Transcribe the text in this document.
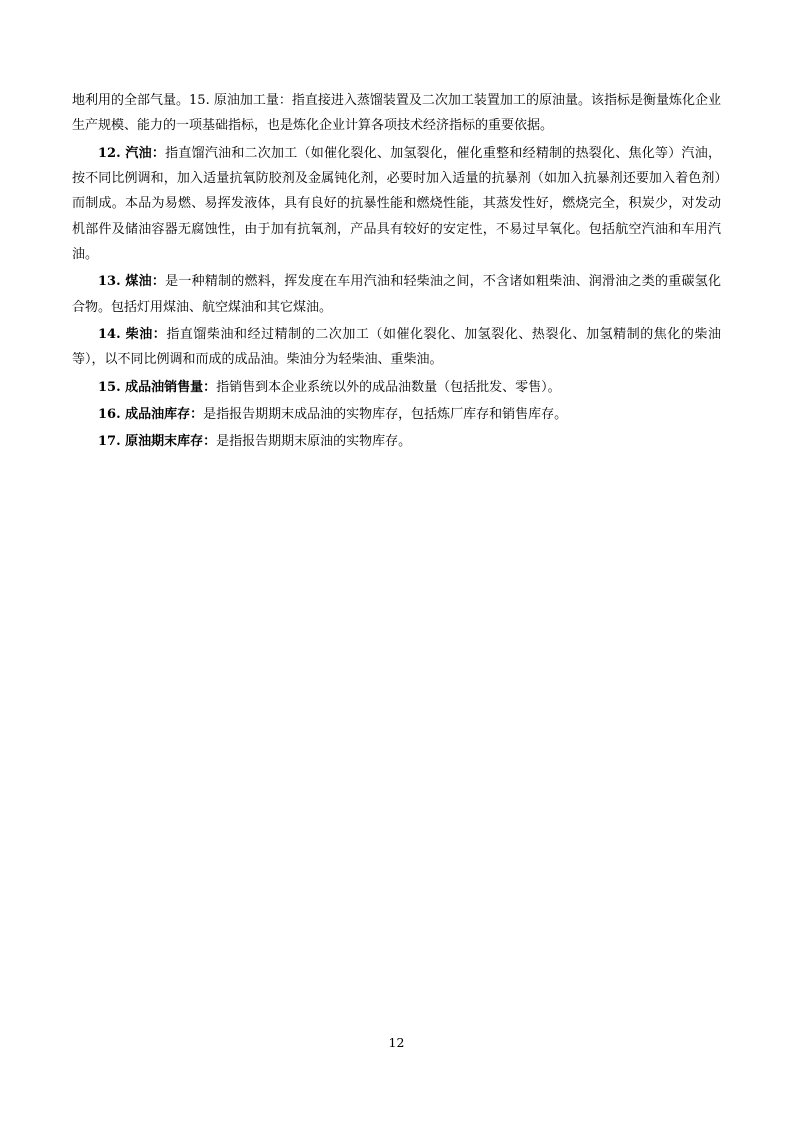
地利用的全部气量。15. 原油加工量：指直接进入蒸馏装置及二次加工装置加工的原油量。该指标是衡量炼化企业生产规模、能力的一项基础指标，也是炼化企业计算各项技术经济指标的重要依据。

12. 汽油：指直馏汽油和二次加工（如催化裂化、加氢裂化，催化重整和经精制的热裂化、焦化等）汽油，按不同比例调和，加入适量抗氧防胶剂及金属钝化剂，必要时加入适量的抗暴剂（如加入抗暴剂还要加入着色剂）而制成。本品为易燃、易挥发液体，具有良好的抗暴性能和燃烧性能，其蒸发性好，燃烧完全，积炭少，对发动机部件及储油容器无腐蚀性，由于加有抗氧剂，产品具有较好的安定性，不易过早氧化。包括航空汽油和车用汽油。

13. 煤油：是一种精制的燃料，挥发度在车用汽油和轻柴油之间，不含诸如粗柴油、润滑油之类的重碳氢化合物。包括灯用煤油、航空煤油和其它煤油。

14. 柴油：指直馏柴油和经过精制的二次加工（如催化裂化、加氢裂化、热裂化、加氢精制的焦化的柴油等），以不同比例调和而成的成品油。柴油分为轻柴油、重柴油。

15. 成品油销售量：指销售到本企业系统以外的成品油数量（包括批发、零售）。

16. 成品油库存：是指报告期期末成品油的实物库存，包括炼厂库存和销售库存。

17. 原油期末库存：是指报告期期末原油的实物库存。

12
